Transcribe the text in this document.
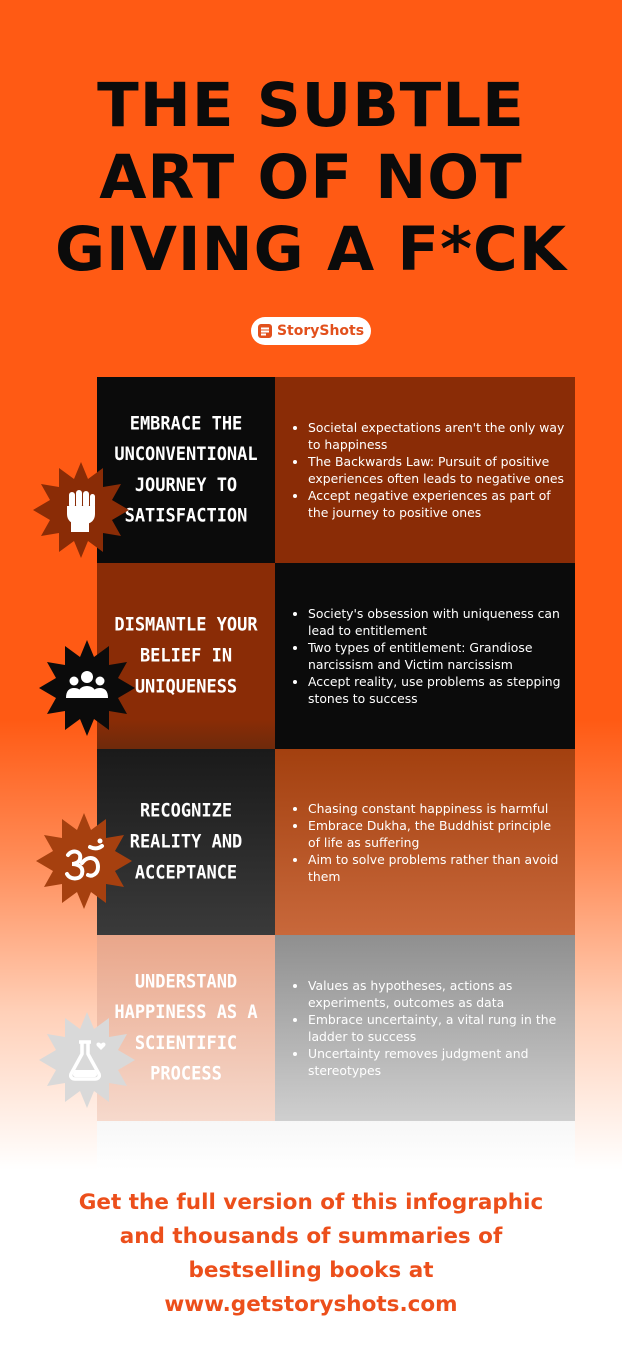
THE SUBTLE
ART OF NOT
GIVING A F*CK
StoryShots
EMBRACE THE UNCONVENTIONAL JOURNEY TO SATISFACTION
• Societal expectations aren't the only way to happiness
• The Backwards Law: Pursuit of positive experiences often leads to negative ones
• Accept negative experiences as part of the journey to positive ones
DISMANTLE YOUR BELIEF IN UNIQUENESS
• Society's obsession with uniqueness can lead to entitlement
• Two types of entitlement: Grandiose narcissism and Victim narcissism
• Accept reality, use problems as stepping stones to success
RECOGNIZE REALITY AND ACCEPTANCE
• Chasing constant happiness is harmful
• Embrace Dukha, the Buddhist principle of life as suffering
• Aim to solve problems rather than avoid them
UNDERSTAND HAPPINESS AS A SCIENTIFIC PROCESS
• Values as hypotheses, actions as experiments, outcomes as data
• Embrace uncertainty, a vital rung in the ladder to success
• Uncertainty removes judgment and stereotypes
Get the full version of this infographic and thousands of summaries of bestselling books at www.getstoryshots.com
